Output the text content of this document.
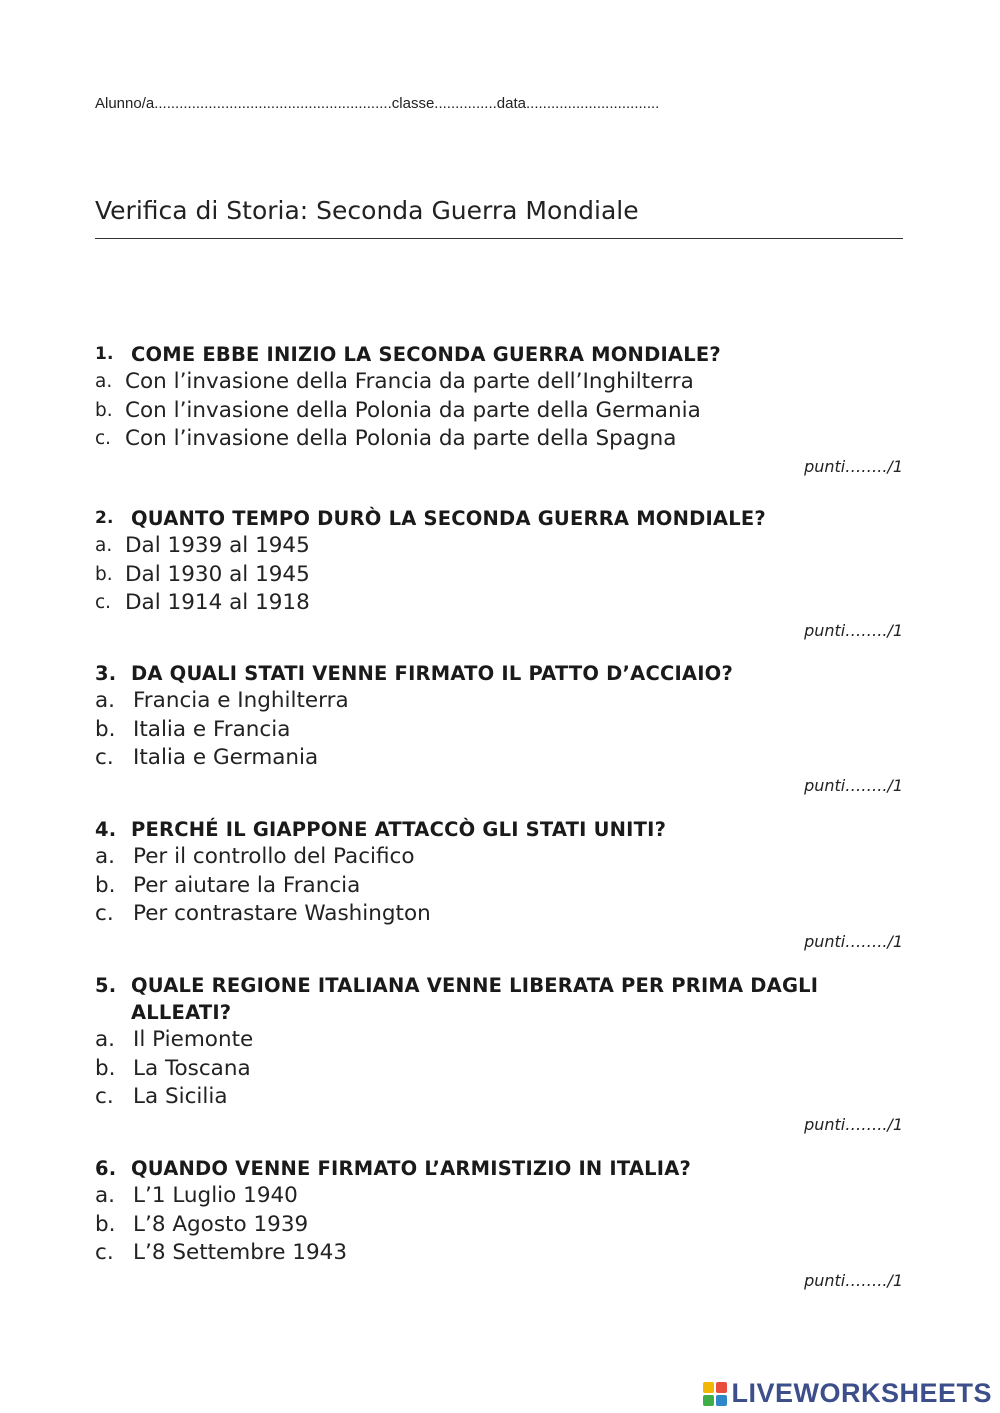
Alunno/a.........................................................classe...............data................................
Verifica di Storia: Seconda Guerra Mondiale
1. COME EBBE INIZIO LA SECONDA GUERRA MONDIALE?
a. Con l’invasione della Francia da parte dell’Inghilterra
b. Con l’invasione della Polonia da parte della Germania
c. Con l’invasione della Polonia da parte della Spagna
punti……../1
2. QUANTO TEMPO DURÒ LA SECONDA GUERRA MONDIALE?
a. Dal 1939 al 1945
b. Dal 1930 al 1945
c. Dal 1914 al 1918
punti……../1
3. DA QUALI STATI VENNE FIRMATO IL PATTO D’ACCIAIO?
a. Francia e Inghilterra
b. Italia e Francia
c. Italia e Germania
punti……../1
4. PERCHÉ IL GIAPPONE ATTACCÒ GLI STATI UNITI?
a. Per il controllo del Pacifico
b. Per aiutare la Francia
c. Per contrastare Washington
punti……../1
5. QUALE REGIONE ITALIANA VENNE LIBERATA PER PRIMA DAGLI ALLEATI?
a. Il Piemonte
b. La Toscana
c. La Sicilia
punti……../1
6. QUANDO VENNE FIRMATO L’ARMISTIZIO IN ITALIA?
a. L’1 Luglio 1940
b. L’8 Agosto 1939
c. L’8 Settembre 1943
punti……../1
LIVEWORKSHEETS
